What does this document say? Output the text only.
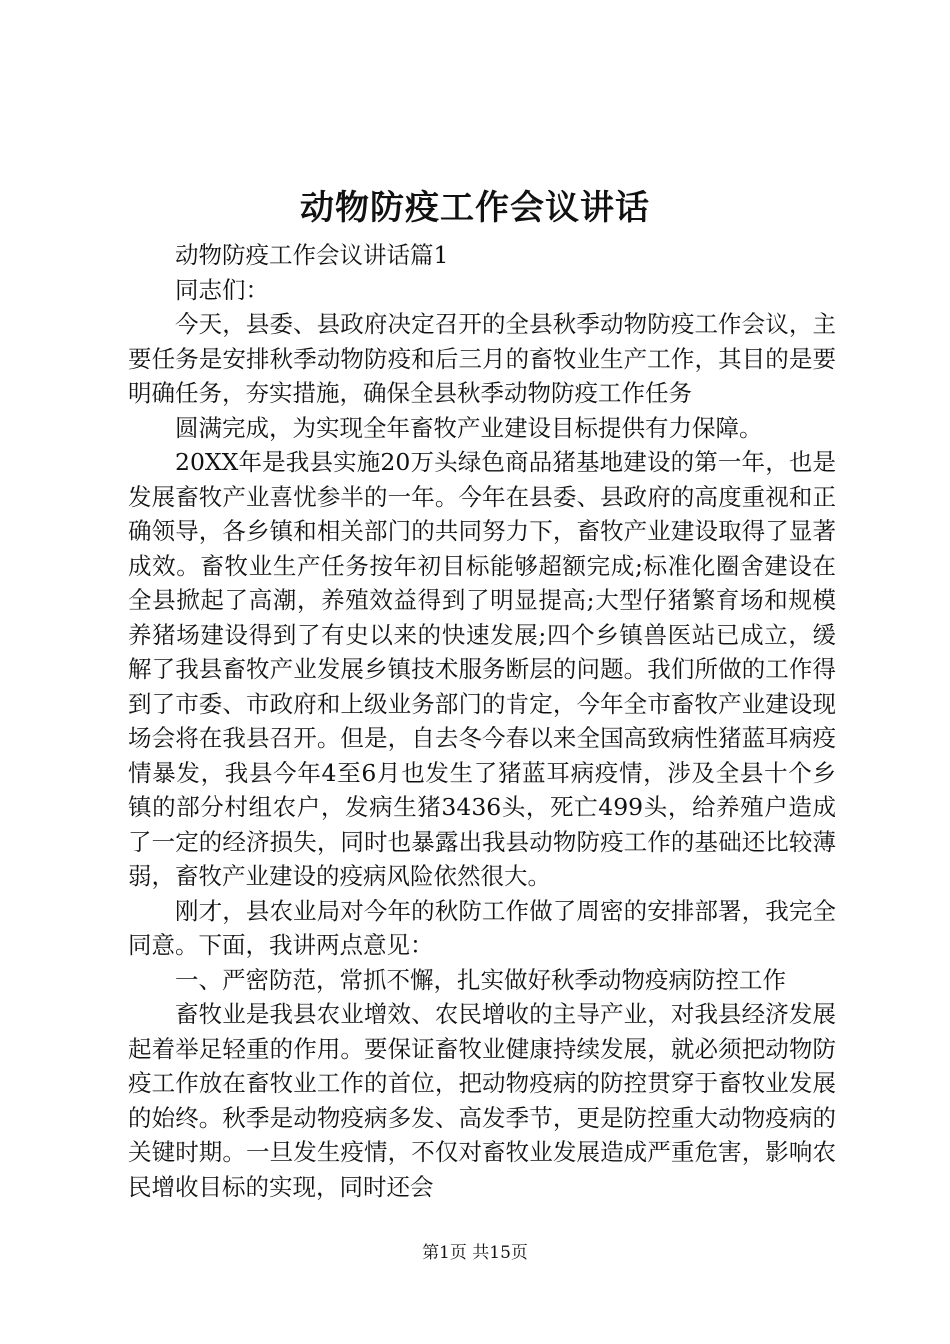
动物防疫工作会议讲话

动物防疫工作会议讲话篇1

同志们：

今天，县委、县政府决定召开的全县秋季动物防疫工作会议，主要任务是安排秋季动物防疫和后三月的畜牧业生产工作，其目的是要明确任务，夯实措施，确保全县秋季动物防疫工作任务

圆满完成，为实现全年畜牧产业建设目标提供有力保障。

20XX年是我县实施20万头绿色商品猪基地建设的第一年，也是发展畜牧产业喜忧参半的一年。今年在县委、县政府的高度重视和正确领导，各乡镇和相关部门的共同努力下，畜牧产业建设取得了显著成效。畜牧业生产任务按年初目标能够超额完成;标准化圈舍建设在全县掀起了高潮，养殖效益得到了明显提高;大型仔猪繁育场和规模养猪场建设得到了有史以来的快速发展;四个乡镇兽医站已成立，缓解了我县畜牧产业发展乡镇技术服务断层的问题。我们所做的工作得到了市委、市政府和上级业务部门的肯定，今年全市畜牧产业建设现场会将在我县召开。但是，自去冬今春以来全国高致病性猪蓝耳病疫情暴发，我县今年4至6月也发生了猪蓝耳病疫情，涉及全县十个乡镇的部分村组农户，发病生猪3436头，死亡499头，给养殖户造成了一定的经济损失，同时也暴露出我县动物防疫工作的基础还比较薄弱，畜牧产业建设的疫病风险依然很大。

刚才，县农业局对今年的秋防工作做了周密的安排部署，我完全同意。下面，我讲两点意见：

一、严密防范，常抓不懈，扎实做好秋季动物疫病防控工作

畜牧业是我县农业增效、农民增收的主导产业，对我县经济发展起着举足轻重的作用。要保证畜牧业健康持续发展，就必须把动物防疫工作放在畜牧业工作的首位，把动物疫病的防控贯穿于畜牧业发展的始终。秋季是动物疫病多发、高发季节，更是防控重大动物疫病的关键时期。一旦发生疫情，不仅对畜牧业发展造成严重危害，影响农民增收目标的实现，同时还会

第1页 共15页
